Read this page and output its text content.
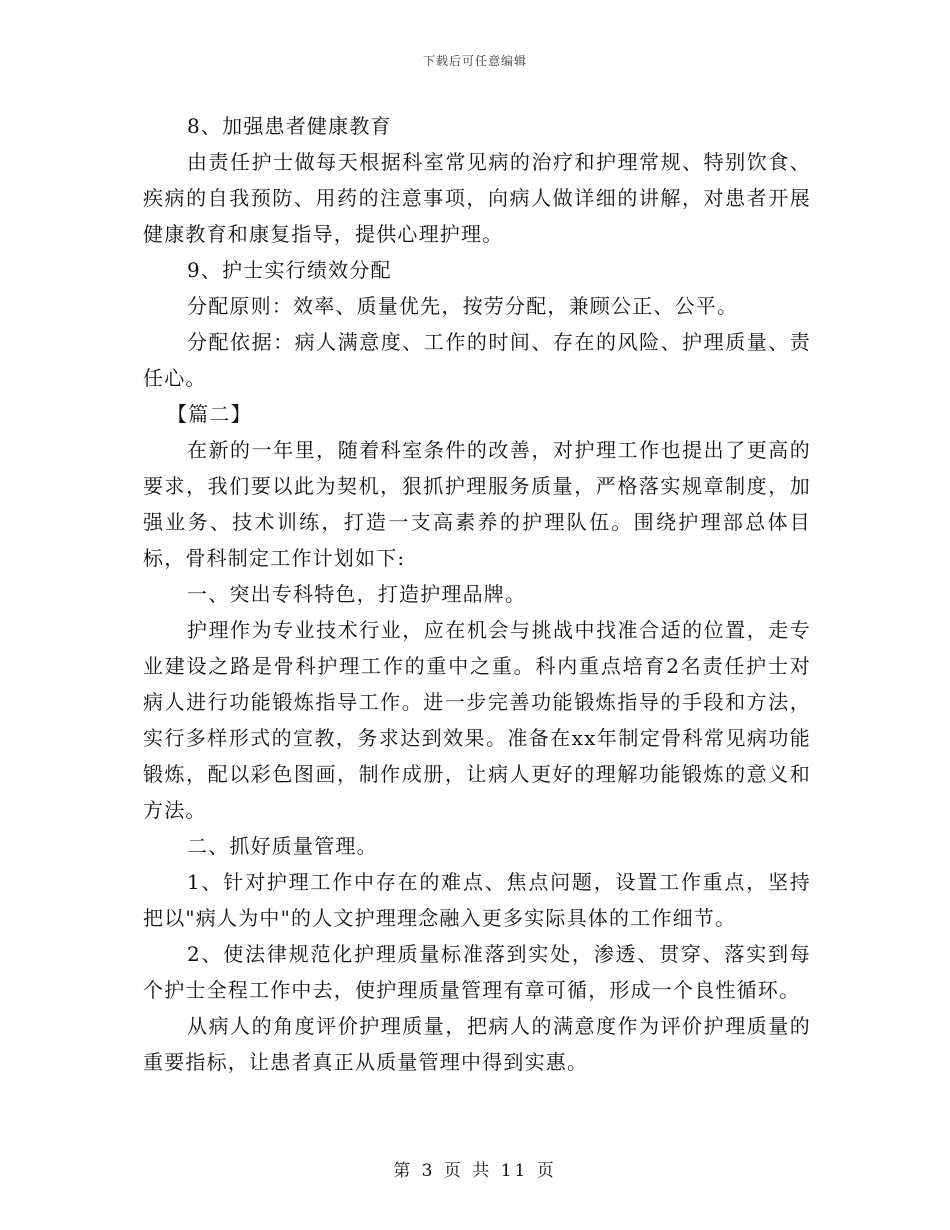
下载后可任意编辑

8、加强患者健康教育

由责任护士做每天根据科室常见病的治疗和护理常规、特别饮食、疾病的自我预防、用药的注意事项，向病人做详细的讲解，对患者开展健康教育和康复指导，提供心理护理。

9、护士实行绩效分配

分配原则：效率、质量优先，按劳分配，兼顾公正、公平。

分配依据：病人满意度、工作的时间、存在的风险、护理质量、责任心。

【篇二】

在新的一年里，随着科室条件的改善，对护理工作也提出了更高的要求，我们要以此为契机，狠抓护理服务质量，严格落实规章制度，加强业务、技术训练，打造一支高素养的护理队伍。围绕护理部总体目标，骨科制定工作计划如下:

一、突出专科特色，打造护理品牌。

护理作为专业技术行业，应在机会与挑战中找准合适的位置，走专业建设之路是骨科护理工作的重中之重。科内重点培育2名责任护士对病人进行功能锻炼指导工作。进一步完善功能锻炼指导的手段和方法，实行多样形式的宣教，务求达到效果。准备在xx年制定骨科常见病功能锻炼，配以彩色图画，制作成册，让病人更好的理解功能锻炼的意义和方法。

二、抓好质量管理。

1、针对护理工作中存在的难点、焦点问题，设置工作重点，坚持把以"病人为中"的人文护理理念融入更多实际具体的工作细节。

2、使法律规范化护理质量标准落到实处，渗透、贯穿、落实到每个护士全程工作中去，使护理质量管理有章可循，形成一个良性循环。

从病人的角度评价护理质量，把病人的满意度作为评价护理质量的重要指标，让患者真正从质量管理中得到实惠。

第 3 页 共 11 页
